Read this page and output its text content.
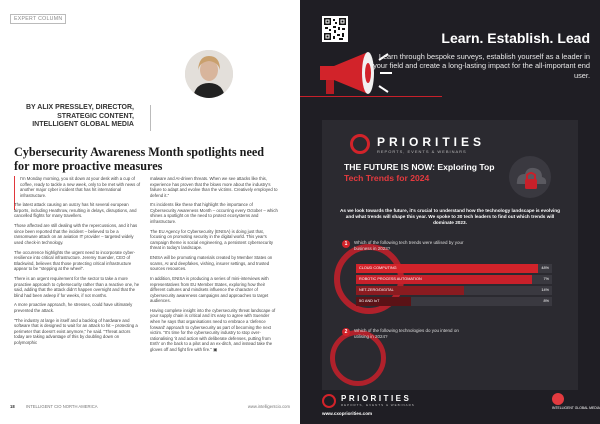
EXPERT COLUMN
BY ALIX PRESSLEY, DIRECTOR, STRATEGIC CONTENT, INTELLIGENT GLOBAL MEDIA
Cybersecurity Awareness Month spotlights need for more proactive measures

I'm Monday morning, you sit down at your desk with a cup of coffee, ready to tackle a new week, only to be met with news of another major cyber incident that has hit international infrastructure.

The latest attack causing an outcry has hit several european airports, including Heathrow, resulting in delays, disruptions, and cancelled flights for many travellers.

Those affected are still dealing with the repercussions, and it has since been reported that the incident – believed to be a ransomware attack on an aviation IT provider – targeted widely used check-in technology.

The occurrence highlights the urgent need to incorporate cyber-resilience into critical infrastructure. Jeremy Suender, CEO of Blackwind, believes that those protecting critical infrastructure appear to be "stepping at the wheel".

There is an urgent requirement for the sector to take a more proactive approach to cybersecurity rather than a reactive one, he said, adding that the attack didn't happen overnight and that the blind had been asleep if for weeks, if not months.

A more proactive approach, he stresses, could have ultimately prevented the attack.

"The industry at large in itself and a backlog of hardware and software that is designed to wait for an attack to hit – protecting a perimeter that doesn't exist anymore," he said. "Threat actors today are taking advantage of this by doubling down on polymorphic

malware and AI-driven threats. When we see attacks like this, experience has proven that the blows more about the industry's failure to adapt and evolve than the victims. Creatively employed to defend it."

It's incidents like these that highlight the importance of Cybersecurity Awareness Month – occurring every October – which shines a spotlight on the need to protect ecosystems and infrastructure.

The EU Agency for Cybersecurity (ENISA) is doing just that, focusing on promoting security in the digital world. This year's campaign theme is social engineering, a persistent cybersecurity threat in today's landscape.

ENISA will be promoting materials created by Member States on scams, AI and deepfakes, vishing, insurer settings, and trusted sources resources.

In addition, ENISA is producing a series of mini-interviews with representatives from EU Member States, exploring how their different cultures and mindsets influence the character of cybersecurity awareness campaigns and approaches to target audiences.

Having complete insight into the cybersecurity threat landscape of your supply chain is critical and it's easy to agree with Suender when he says that organisations need to embrace a 'defence forward' approach to cybersecurity as part of becoming the next victim. "It's time for the cybersecurity industry to stop over-rationalising 'it and action with deliberate defenses, putting from Enth' on the back to a pilot and an ex-ditch, and instead take the gloves off and fight fire with fire." ▣

18	INTELLIGENT CIO NORTH AMERICA	www.intelligentcio.com
Learn. Establish. Lead
Learn through bespoke surveys, establish yourself as a leader in your field and create a long-lasting impact for the all-important end user.
PRIORITIES
REPORTS, EVENTS & WEBINARS
THE FUTURE IS NOW: Exploring Top
Tech Trends for 2024
As we look towards the future, it's crucial to understand how the technology landscape is evolving and what trends will shape this year. We spoke to 30 tech leaders to find out which trends will dominate 2023.
1	Which of the following tech trends were utilised by your business in 2023?
CLOUD COMPUTING	48%
ROBOTIC PROCESS AUTOMATION	7%
NET-ZERO/DIGITAL	14%
5G AND IoT	8%
2	Which of the following technologies do you intend on utilising in 2024?
PRIORITIES
REPORTS, EVENTS & WEBINARS
www.cxopriorities.com
INTELLIGENT GLOBAL MEDIA
